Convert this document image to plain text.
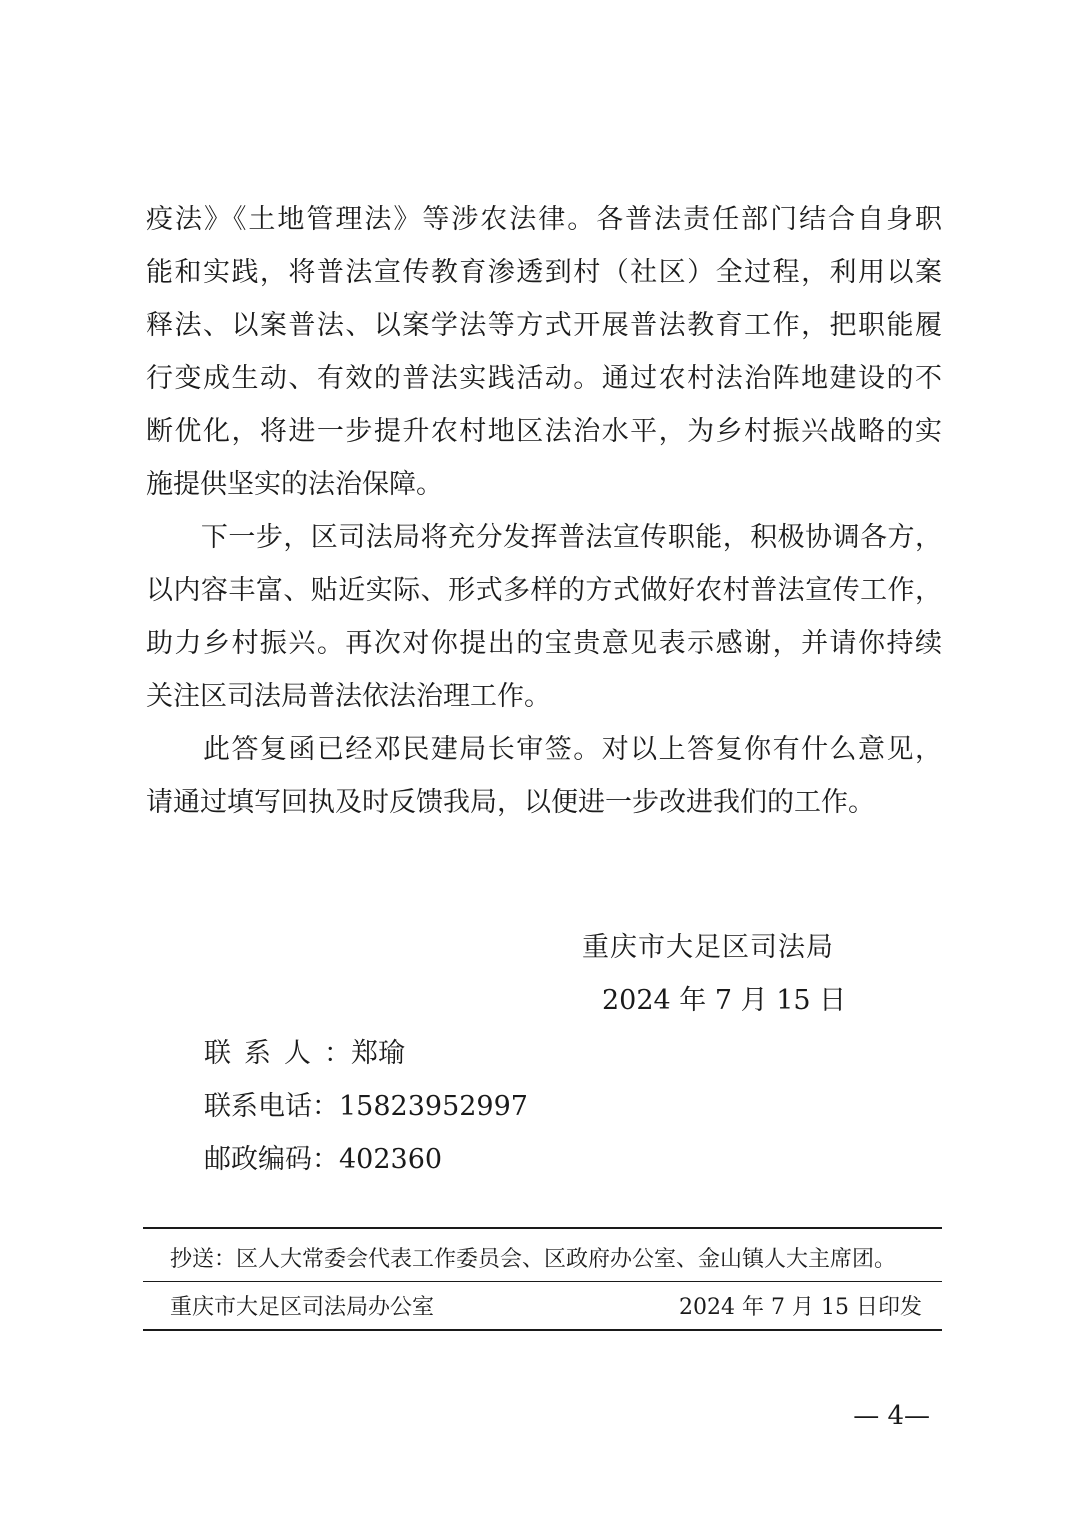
疫法》《土地管理法》等涉农法律。各普法责任部门结合自身职
能和实践，将普法宣传教育渗透到村（社区）全过程，利用以案
释法、以案普法、以案学法等方式开展普法教育工作，把职能履
行变成生动、有效的普法实践活动。通过农村法治阵地建设的不
断优化，将进一步提升农村地区法治水平，为乡村振兴战略的实
施提供坚实的法治保障。
　　下一步，区司法局将充分发挥普法宣传职能，积极协调各方，
以内容丰富、贴近实际、形式多样的方式做好农村普法宣传工作，
助力乡村振兴。再次对你提出的宝贵意见表示感谢，并请你持续
关注区司法局普法依法治理工作。
　　此答复函已经邓民建局长审签。对以上答复你有什么意见，
请通过填写回执及时反馈我局，以便进一步改进我们的工作。
重庆市大足区司法局
2024 年 7 月 15 日
联系人：郑瑜
联系电话：15823952997
邮政编码：402360
抄送：区人大常委会代表工作委员会、区政府办公室、金山镇人大主席团。
重庆市大足区司法局办公室	2024 年 7 月 15 日印发
— 4—
